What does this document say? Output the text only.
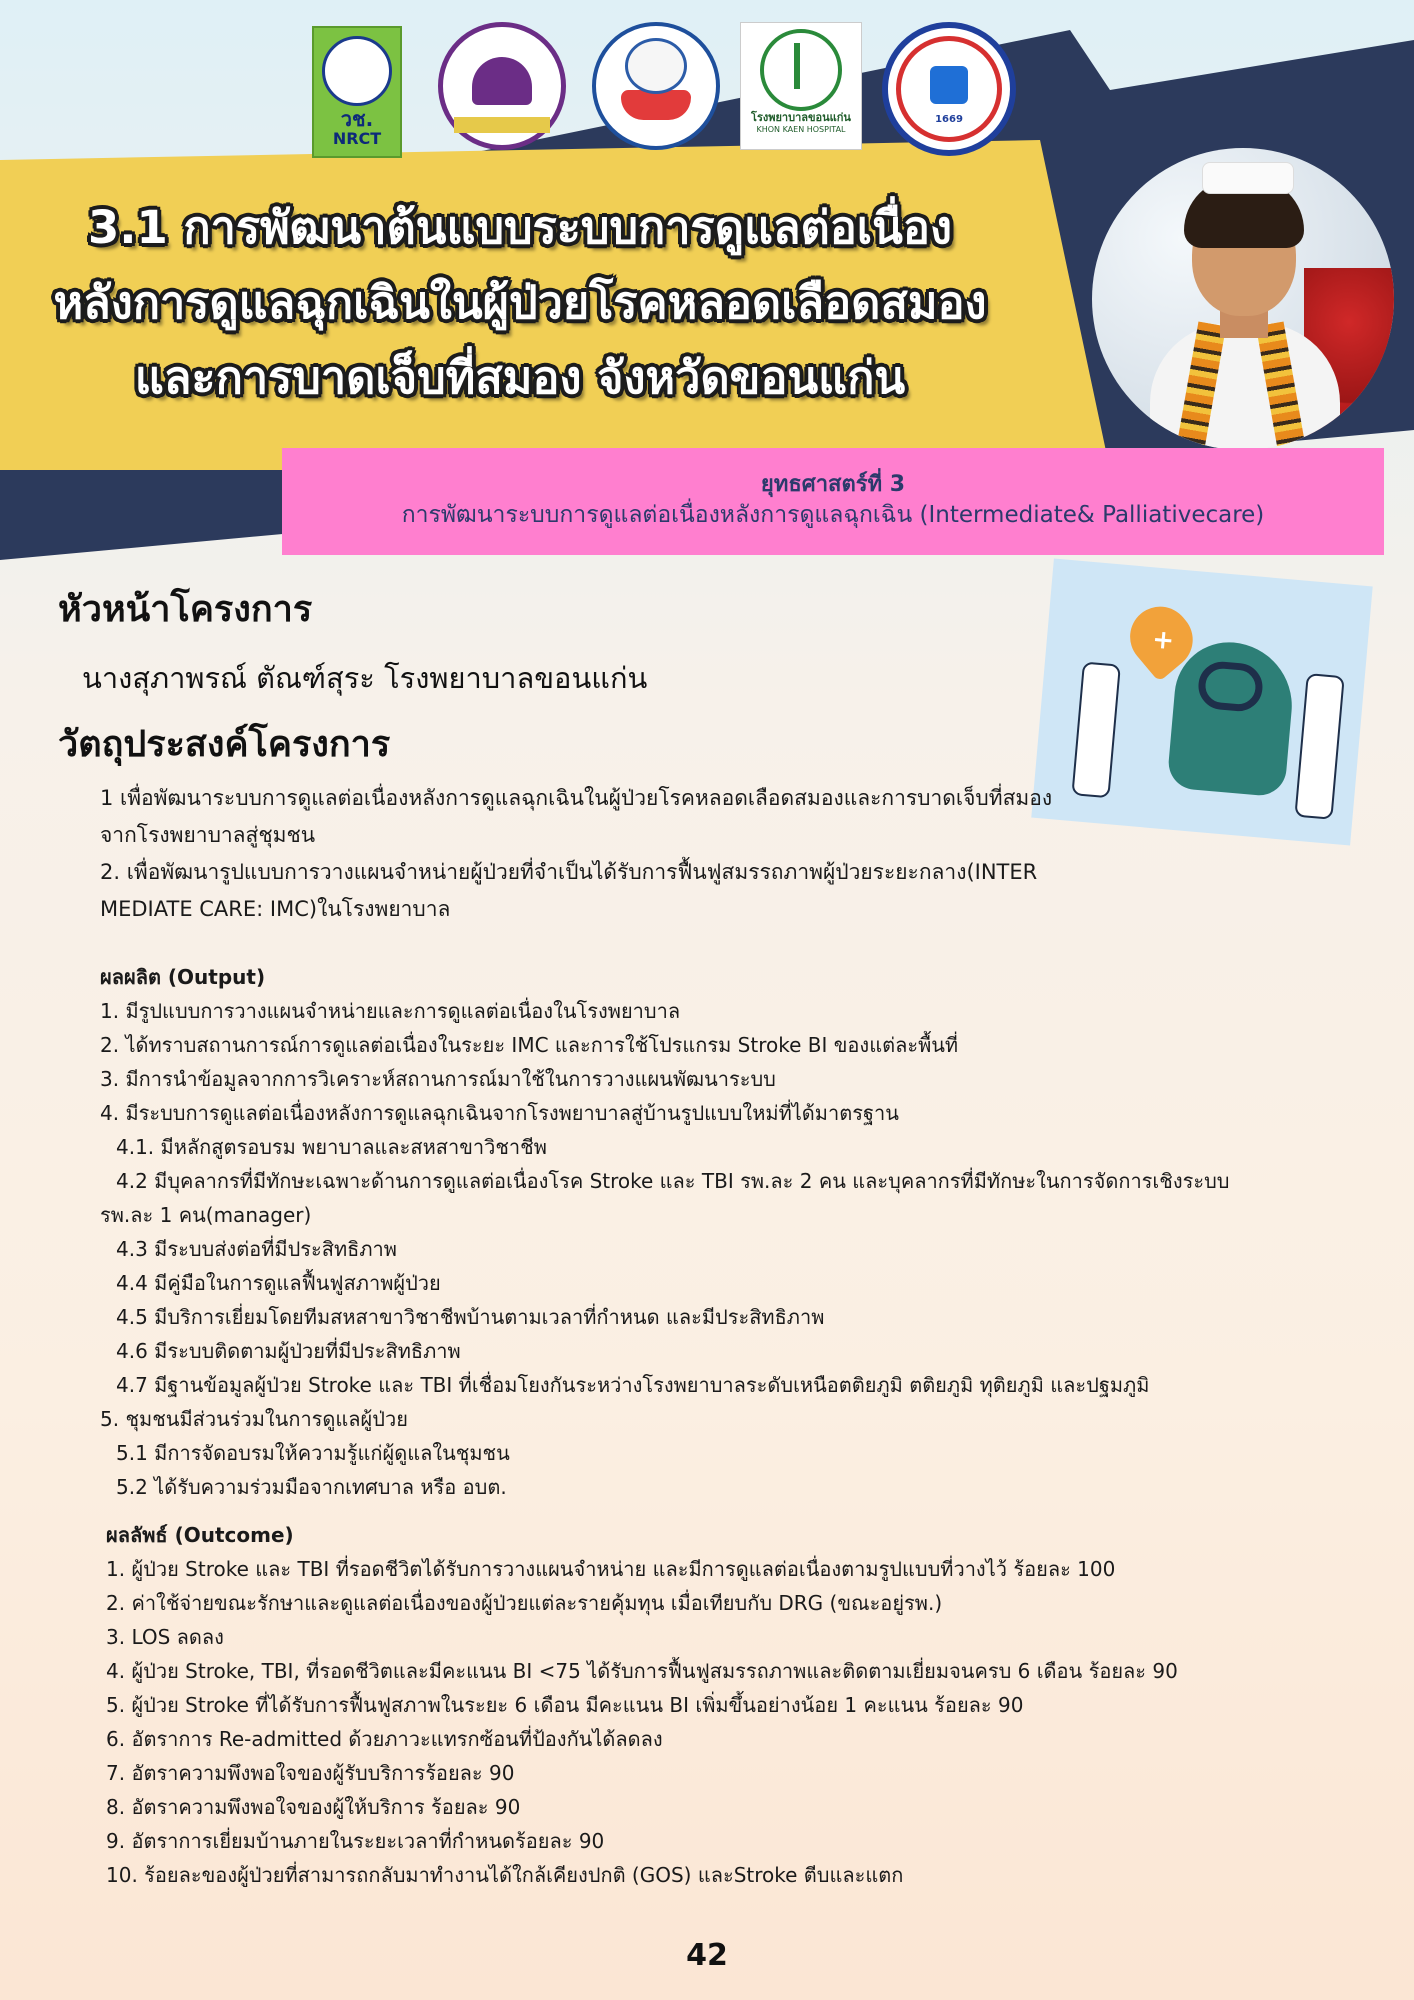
วช.
NRCT
โรงพยาบาลขอนแก่น
KHON KAEN HOSPITAL
1669
3.1 การพัฒนาต้นแบบระบบการดูแลต่อเนื่อง
หลังการดูแลฉุกเฉินในผู้ป่วยโรคหลอดเลือดสมอง
และการบาดเจ็บที่สมอง จังหวัดขอนแก่น
ยุทธศาสตร์ที่ 3
การพัฒนาระบบการดูแลต่อเนื่องหลังการดูแลฉุกเฉิน (Intermediate& Palliativecare)
+
หัวหน้าโครงการ
นางสุภาพรณ์ ตัณฑ์สุระ โรงพยาบาลขอนแก่น
วัตถุประสงค์โครงการ

1 เพื่อพัฒนาระบบการดูแลต่อเนื่องหลังการดูแลฉุกเฉินในผู้ป่วยโรคหลอดเลือดสมองและการบาดเจ็บที่สมอง

จากโรงพยาบาลสู่ชุมชน

2. เพื่อพัฒนารูปแบบการวางแผนจำหน่ายผู้ป่วยที่จำเป็นได้รับการฟื้นฟูสมรรถภาพผู้ป่วยระยะกลาง(INTER

MEDIATE CARE: IMC)ในโรงพยาบาล

ผลผลิต (Output)
1. มีรูปแบบการวางแผนจำหน่ายและการดูแลต่อเนื่องในโรงพยาบาล
2. ได้ทราบสถานการณ์การดูแลต่อเนื่องในระยะ IMC และการใช้โปรแกรม Stroke BI ของแต่ละพื้นที่
3. มีการนำข้อมูลจากการวิเคราะห์สถานการณ์มาใช้ในการวางแผนพัฒนาระบบ
4. มีระบบการดูแลต่อเนื่องหลังการดูแลฉุกเฉินจากโรงพยาบาลสู่บ้านรูปแบบใหม่ที่ได้มาตรฐาน
4.1. มีหลักสูตรอบรม พยาบาลและสหสาขาวิชาชีพ
4.2 มีบุคลากรที่มีทักษะเฉพาะด้านการดูแลต่อเนื่องโรค Stroke และ TBI รพ.ละ 2 คน และบุคลากรที่มีทักษะในการจัดการเชิงระบบ
รพ.ละ 1 คน(manager)
4.3 มีระบบส่งต่อที่มีประสิทธิภาพ
4.4 มีคู่มือในการดูแลฟื้นฟูสภาพผู้ป่วย
4.5 มีบริการเยี่ยมโดยทีมสหสาขาวิชาชีพบ้านตามเวลาที่กำหนด และมีประสิทธิภาพ
4.6 มีระบบติดตามผู้ป่วยที่มีประสิทธิภาพ
4.7 มีฐานข้อมูลผู้ป่วย Stroke และ TBI ที่เชื่อมโยงกันระหว่างโรงพยาบาลระดับเหนือตติยภูมิ ตติยภูมิ ทุติยภูมิ และปฐมภูมิ
5. ชุมชนมีส่วนร่วมในการดูแลผู้ป่วย
5.1 มีการจัดอบรมให้ความรู้แก่ผู้ดูแลในชุมชน
5.2 ได้รับความร่วมมือจากเทศบาล หรือ อบต.
ผลลัพธ์ (Outcome)
1. ผู้ป่วย Stroke และ TBI ที่รอดชีวิตได้รับการวางแผนจำหน่าย และมีการดูแลต่อเนื่องตามรูปแบบที่วางไว้ ร้อยละ 100
2. ค่าใช้จ่ายขณะรักษาและดูแลต่อเนื่องของผู้ป่วยแต่ละรายคุ้มทุน เมื่อเทียบกับ DRG (ขณะอยู่รพ.)
3. LOS ลดลง
4. ผู้ป่วย Stroke, TBI, ที่รอดชีวิตและมีคะแนน BI <75 ได้รับการฟื้นฟูสมรรถภาพและติดตามเยี่ยมจนครบ 6 เดือน ร้อยละ 90
5. ผู้ป่วย Stroke ที่ได้รับการฟื้นฟูสภาพในระยะ 6 เดือน มีคะแนน BI เพิ่มขึ้นอย่างน้อย 1 คะแนน ร้อยละ 90
6. อัตราการ Re-admitted ด้วยภาวะแทรกซ้อนที่ป้องกันได้ลดลง
7. อัตราความพึงพอใจของผู้รับบริการร้อยละ 90
8. อัตราความพึงพอใจของผู้ให้บริการ ร้อยละ 90
9. อัตราการเยี่ยมบ้านภายในระยะเวลาที่กำหนดร้อยละ 90
10. ร้อยละของผู้ป่วยที่สามารถกลับมาทำงานได้ใกล้เคียงปกติ (GOS) และStroke ตีบและแตก
42
